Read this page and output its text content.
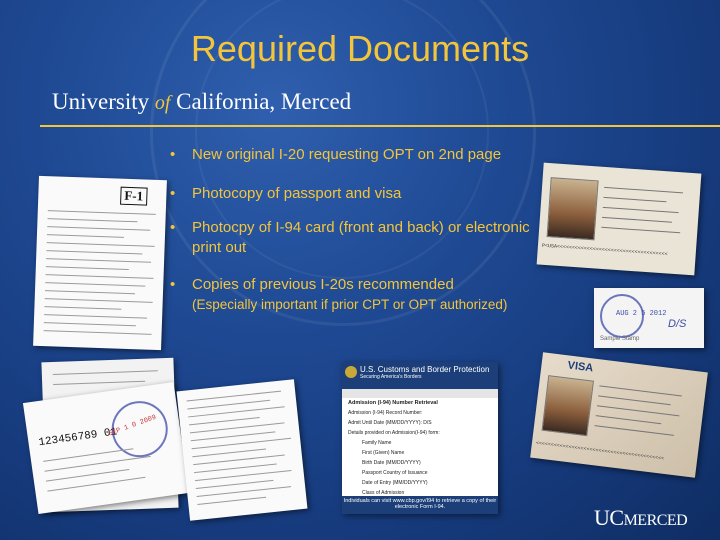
Required Documents
University of California, Merced
F-1
123456789 01
SEP 1 0 2009
U.S. Customs and Border Protection
Securing America's Borders
Admission (I-94) Number Retrieval
Admission (I-94) Record Number:
Admit Until Date (MM/DD/YYYY): D/S
Details provided on Admission(I-94) form:
Family Name
First (Given) Name
Birth Date (MM/DD/YYYY)
Passport Country of Issuance
Date of Entry (MM/DD/YYYY)
Class of Admission
Individuals can visit www.cbp.gov/I94 to retrieve a copy of their electronic Form I-94.
P<USA<<<<<<<<<<<<<<<<<<<<<<<<<<<<<<<<<<<<<
AUG 2 5 2012
D/S
Sample Stamp
VISA
<<<<<<<<<<<<<<<<<<<<<<<<<<<<<<<<<<<<<<<<<<<
• New original I-20 requesting OPT on 2nd page
• Photocopy of passport and visa
• Photocpy of I-94 card (front and back) or electronic print out
• Copies of previous I-20s recommended
(Especially important if prior CPT or OPT authorized)
UCMERCED
